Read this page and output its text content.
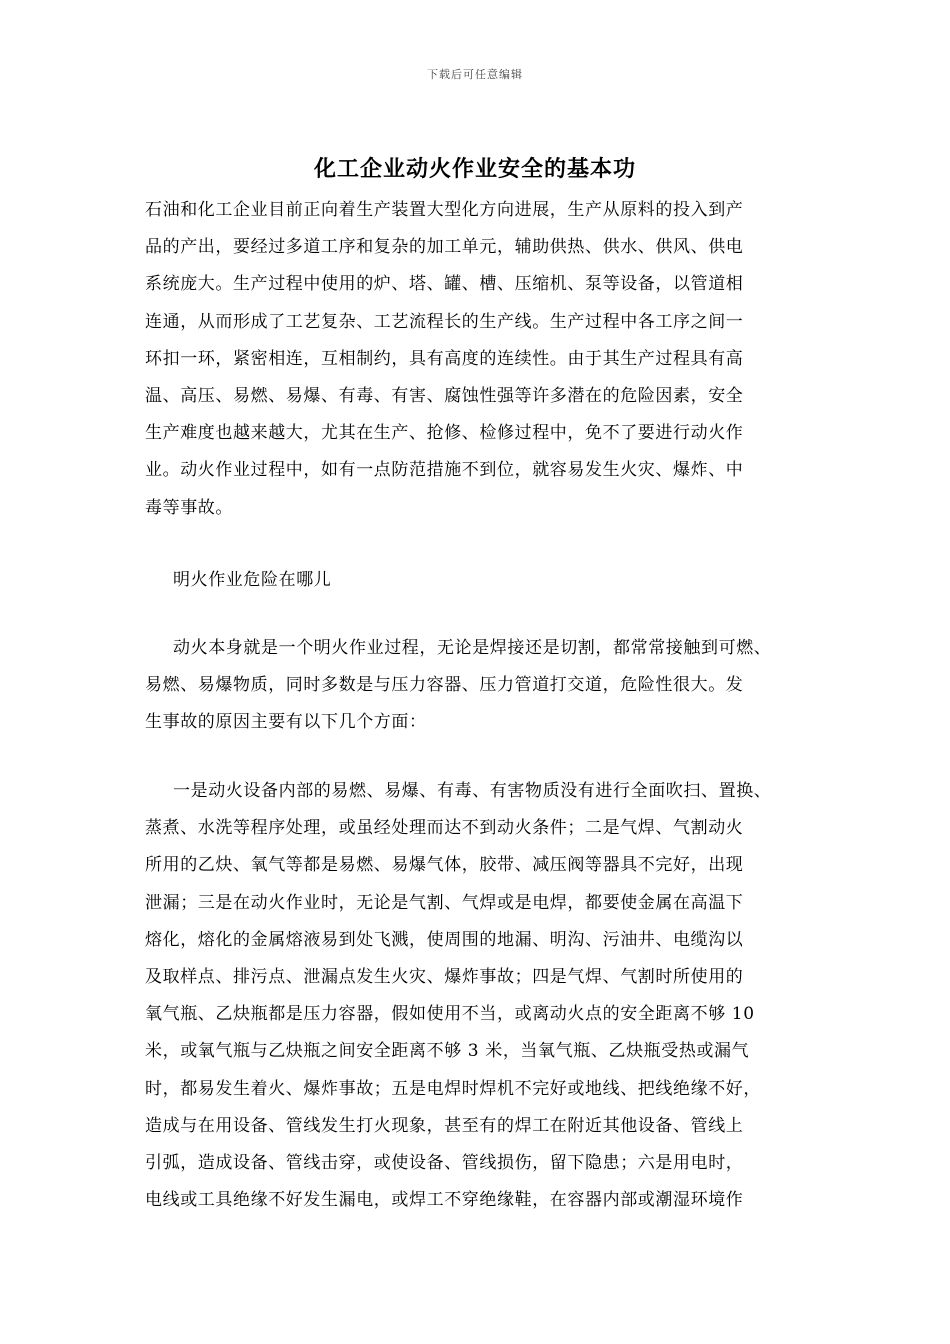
下载后可任意编辑
化工企业动火作业安全的基本功
石油和化工企业目前正向着生产装置大型化方向进展，生产从原料的投入到产
品的产出，要经过多道工序和复杂的加工单元，辅助供热、供水、供风、供电
系统庞大。生产过程中使用的炉、塔、罐、槽、压缩机、泵等设备，以管道相
连通，从而形成了工艺复杂、工艺流程长的生产线。生产过程中各工序之间一
环扣一环，紧密相连，互相制约，具有高度的连续性。由于其生产过程具有高
温、高压、易燃、易爆、有毒、有害、腐蚀性强等许多潜在的危险因素，安全
生产难度也越来越大，尤其在生产、抢修、检修过程中，免不了要进行动火作
业。动火作业过程中，如有一点防范措施不到位，就容易发生火灾、爆炸、中
毒等事故。
明火作业危险在哪儿
动火本身就是一个明火作业过程，无论是焊接还是切割，都常常接触到可燃、
易燃、易爆物质，同时多数是与压力容器、压力管道打交道，危险性很大。发
生事故的原因主要有以下几个方面：
一是动火设备内部的易燃、易爆、有毒、有害物质没有进行全面吹扫、置换、
蒸煮、水洗等程序处理，或虽经处理而达不到动火条件；二是气焊、气割动火
所用的乙炔、氧气等都是易燃、易爆气体，胶带、减压阀等器具不完好，出现
泄漏；三是在动火作业时，无论是气割、气焊或是电焊，都要使金属在高温下
熔化，熔化的金属熔液易到处飞溅，使周围的地漏、明沟、污油井、电缆沟以
及取样点、排污点、泄漏点发生火灾、爆炸事故；四是气焊、气割时所使用的
氧气瓶、乙炔瓶都是压力容器，假如使用不当，或离动火点的安全距离不够 10
米，或氧气瓶与乙炔瓶之间安全距离不够 3 米，当氧气瓶、乙炔瓶受热或漏气
时，都易发生着火、爆炸事故；五是电焊时焊机不完好或地线、把线绝缘不好，
造成与在用设备、管线发生打火现象，甚至有的焊工在附近其他设备、管线上
引弧，造成设备、管线击穿，或使设备、管线损伤，留下隐患；六是用电时，
电线或工具绝缘不好发生漏电，或焊工不穿绝缘鞋，在容器内部或潮湿环境作
